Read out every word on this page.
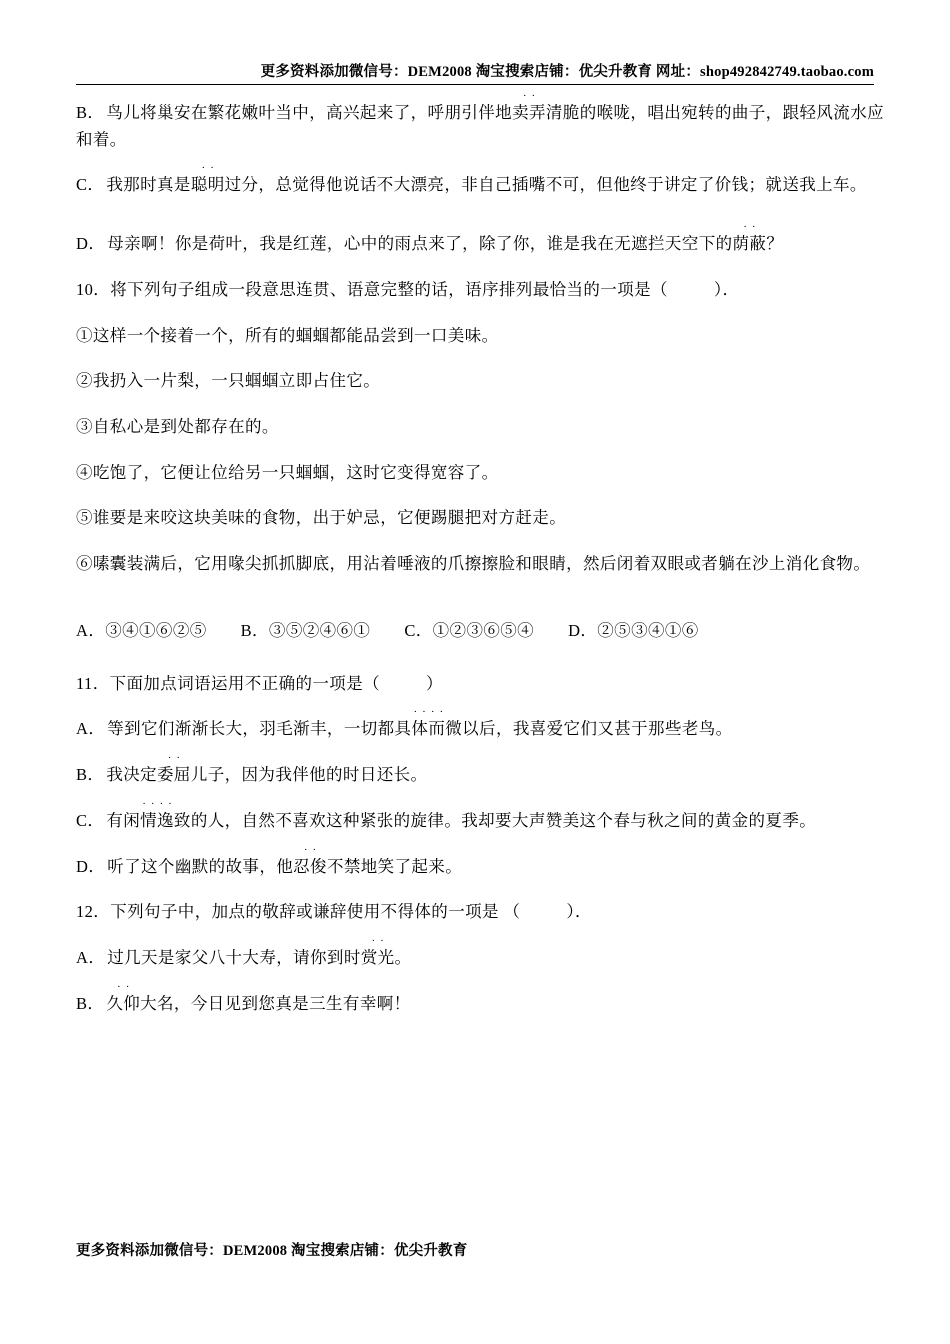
更多资料添加微信号：DEM2008 淘宝搜索店铺：优尖升教育 网址：shop492842749.taobao.com

B． 鸟儿将巢安在繁花嫩叶当中，高兴起来了，呼朋引伴地
··
卖弄清脆的喉咙，唱出宛转的曲子，跟轻风流水应和着。

C． 我那时真是
··
聪明过分，总觉得他说话不大漂亮，非自己插嘴不可，但他终于讲定了价钱；就送我上车。

D． 母亲啊！你是荷叶，我是红莲，心中的雨点来了，除了你，谁是我在无遮拦天空下的
··
荫蔽？

10．将下列句子组成一段意思连贯、语意完整的话，语序排列最恰当的一项是（	）．

①这样一个接着一个，所有的蝈蝈都能品尝到一口美味。

②我扔入一片梨，一只蝈蝈立即占住它。

③自私心是到处都存在的。

④吃饱了，它便让位给另一只蝈蝈，这时它变得宽容了。

⑤谁要是来咬这块美味的食物，出于妒忌，它便踢腿把对方赶走。

⑥嗉囊装满后，它用喙尖抓抓脚底，用沾着唾液的爪擦擦脸和眼睛，然后闭着双眼或者躺在沙上消化食物。

A．③④①⑥②⑤ B．③⑤②④⑥① C．①②③⑥⑤④ D．②⑤③④①⑥

11．下面加点词语运用不正确的一项是（	）

A． 等到它们渐渐长大，羽毛渐丰，一切都
····
具体而微以后，我喜爱它们又甚于那些老鸟。

B． 我决定
··
委屈儿子，因为我伴他的时日还长。

C． 有
····
闲情逸致的人，自然不喜欢这种紧张的旋律。我却要大声赞美这个春与秋之间的黄金的夏季。

D． 听了这个幽默的故事，他
··
忍俊不禁地笑了起来。

12．下列句子中，加点的敬辞或谦辞使用不得体的一项是 （	）．

A． 过几天是家父八十大寿，请你到时
··
赏光。

B．
··
久仰大名，今日见到您真是三生有幸啊！

更多资料添加微信号：DEM2008 淘宝搜索店铺：优尖升教育
